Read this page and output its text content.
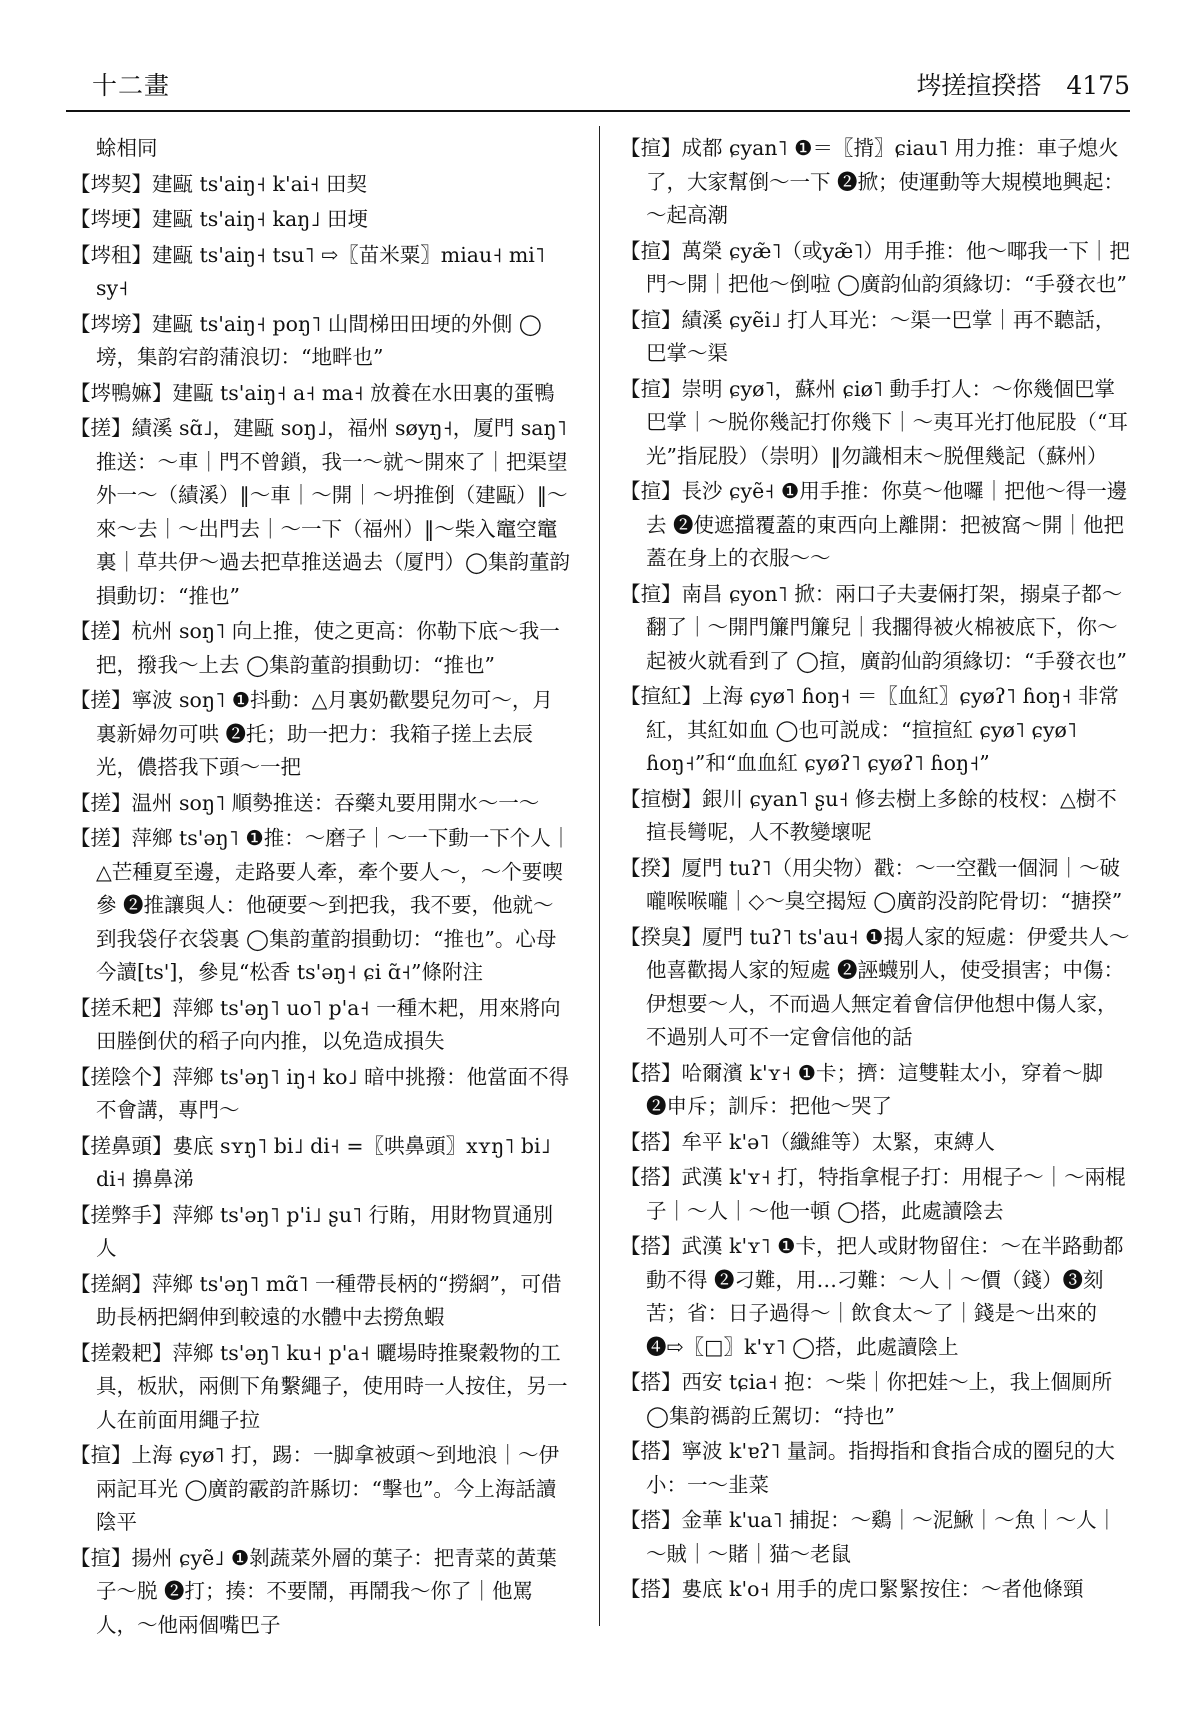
十二畫	埁搓揎揆搭　4175

蜍相同

【埁契】建甌 ts'aiŋ˧ k'ai˧ 田契

【埁埂】建甌 ts'aiŋ˧ kaŋ˩ 田埂

【埁租】建甌 ts'aiŋ˧ tsu˥ ⇨〖苗米粟〗miau˧ mi˥ sy˧

【埁塝】建甌 ts'aiŋ˧ poŋ˥ 山間梯田田埂的外側 ◯塝，集韵宕韵蒲浪切：“地畔也”

【埁鴨嫲】建甌 ts'aiŋ˧ a˧ ma˧ 放養在水田裏的蛋鴨

【搓】績溪 sɑ̃˩，建甌 soŋ˩，福州 søyŋ˧，厦門 saŋ˥ 推送：～車｜門不曾鎖，我一～就～開來了｜把渠望外一～（績溪）‖～車｜～開｜～坍推倒（建甌）‖～來～去｜～出門去｜～一下（福州）‖～柴入竈空竈裏｜草共伊～過去把草推送過去（厦門）◯集韵董韵損動切：“推也”

【搓】杭州 soŋ˥ 向上推，使之更高：你勒下底～我一把，撥我～上去 ◯集韵董韵損動切：“推也”

【搓】寧波 soŋ˥ ❶抖動：△月裏奶歡嬰兒勿可～，月裏新婦勿可哄 ❷托；助一把力：我箱子搓上去辰光，儂搭我下頭～一把

【搓】温州 soŋ˥ 順勢推送：吞藥丸要用開水～一～

【搓】萍鄉 ts'əŋ˥ ❶推：～磨子｜～一下動一下个人｜△芒種夏至邊，走路要人牽，牽个要人～，～个要喫參 ❷推讓與人：他硬要～到把我，我不要，他就～到我袋仔衣袋裏 ◯集韵董韵損動切：“推也”。心母今讀[ts']，參見“松香 ts'əŋ˧ ɕi ɑ̃˧”條附注

【搓禾耙】萍鄉 ts'əŋ˥ uo˥ p'a˧ 一種木耙，用來將向田塍倒伏的稻子向内推，以免造成損失

【搓陰个】萍鄉 ts'əŋ˥ iŋ˧ ko˩ 暗中挑撥：他當面不得不會講，專門～

【搓鼻頭】婁底 sʏŋ˥ bi˩ di˧ =〖哄鼻頭〗xʏŋ˥ bi˩ di˧ 擤鼻涕

【搓弊手】萍鄉 ts'əŋ˥ p'i˩ ʂu˥ 行賄，用財物買通別人

【搓網】萍鄉 ts'əŋ˥ mɑ̃˥ 一種帶長柄的“撈網”，可借助長柄把網伸到較遠的水體中去撈魚蝦

【搓穀耙】萍鄉 ts'əŋ˥ ku˧ p'a˧ 曬場時推聚穀物的工具，板狀，兩側下角繫繩子，使用時一人按住，另一人在前面用繩子拉

【揎】上海 ɕyø˥ 打，踢：一脚拿被頭～到地浪｜～伊兩記耳光 ◯廣韵霰韵許縣切：“擊也”。今上海話讀陰平

【揎】揚州 ɕyẽ˩ ❶剝蔬菜外層的葉子：把青菜的黃葉子～脱 ❷打；揍：不要鬧，再鬧我～你了｜他罵人，～他兩個嘴巴子

【揎】成都 ɕyan˥ ❶＝〖揹〗ɕiau˥ 用力推：車子熄火了，大家幫倒～一下 ❷掀；使運動等大規模地興起：～起高潮

【揎】萬榮 ɕyæ̃˥（或yæ̃˥）用手推：他～㖿我一下｜把門～開｜把他～倒啦 ◯廣韵仙韵須緣切：“手發衣也”

【揎】績溪 ɕyẽi˩ 打人耳光：～渠一巴掌｜再不聽話，巴掌～渠

【揎】崇明 ɕyø˥，蘇州 ɕiø˥ 動手打人：～你幾個巴掌巴掌｜～脱你幾記打你幾下｜～夷耳光打他屁股（“耳光”指屁股）（崇明）‖勿識相末～脱俚幾記（蘇州）

【揎】長沙 ɕyẽ˧ ❶用手推：你莫～他囉｜把他～得一邊去 ❷使遮擋覆蓋的東西向上離開：把被窩～開｜他把蓋在身上的衣服～～

【揎】南昌 ɕyon˥ 掀：兩口子夫妻倆打架，搦桌子都～翻了｜～開門簾門簾兒｜我擱得被火棉被底下，你～起被火就看到了 ◯揎，廣韵仙韵須緣切：“手發衣也”

【揎紅】上海 ɕyø˥ ɦoŋ˧ ＝〖血紅〗ɕyøʔ˥ ɦoŋ˧ 非常紅，其紅如血 ◯也可説成：“揎揎紅 ɕyø˥ ɕyø˥ ɦoŋ˧”和“血血紅 ɕyøʔ˥ ɕyøʔ˥ ɦoŋ˧”

【揎樹】銀川 ɕyan˥ ʂu˧ 修去樹上多餘的枝杈：△樹不揎長彎呢，人不教變壞呢

【揆】厦門 tuʔ˥（用尖物）戳：～一空戳一個洞｜～破嚨喉喉嚨｜◇～臭空揭短 ◯廣韵没韵陀骨切：“搪揆”

【揆臭】厦門 tuʔ˥ ts'au˧ ❶揭人家的短處：伊愛共人～他喜歡揭人家的短處 ❷誣蠛别人，使受損害；中傷：伊想要～人，不而過人無定着會信伊他想中傷人家，不過别人可不一定會信他的話

【搭】哈爾濱 k'ʏ˧ ❶卡；擠：這雙鞋太小，穿着～脚 ❷申斥；訓斥：把他～哭了

【搭】牟平 k'ə˥（纖維等）太緊，束縛人

【搭】武漢 k'ʏ˧ 打，特指拿棍子打：用棍子～｜～兩棍子｜～人｜～他一頓 ◯搭，此處讀陰去

【搭】武漢 k'ʏ˥ ❶卡，把人或財物留住：～在半路動都動不得 ❷刁難，用…刁難：～人｜～價（錢）❸刻苦；省：日子過得～｜飲食太～了｜錢是～出來的 ❹⇨〖□〗k'ʏ˥ ◯搭，此處讀陰上

【搭】西安 tɕia˧ 抱：～柴｜你把娃～上，我上個厠所 ◯集韵禡韵丘駕切：“持也”

【搭】寧波 k'ɐʔ˥ 量詞。指拇指和食指合成的圈兒的大小：一～韭菜

【搭】金華 k'ua˥ 捕捉：～鷄｜～泥鰍｜～魚｜～人｜～賊｜～賭｜猫～老鼠

【搭】婁底 k'o˧ 用手的虎口緊緊按住：～者他條頸
